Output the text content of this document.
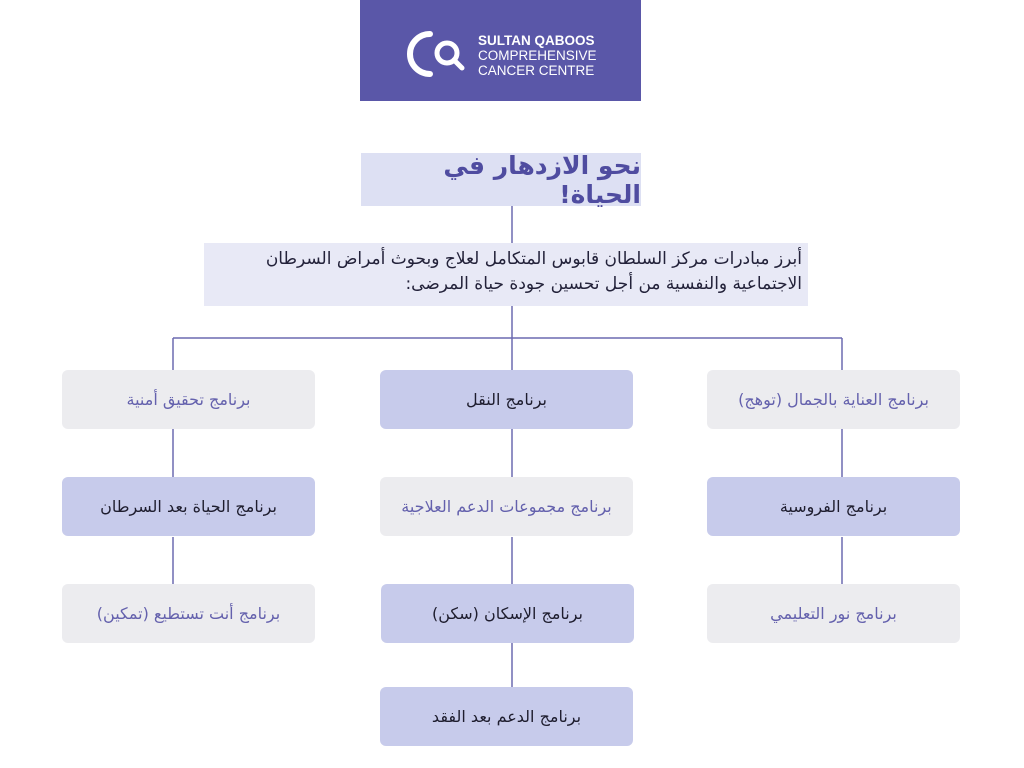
SULTAN QABOOS
COMPREHENSIVE
CANCER CENTRE
نحو الازدهار في الحياة!
أبرز مبادرات مركز السلطان قابوس المتكامل لعلاج وبحوث أمراض السرطان الاجتماعية والنفسية من أجل تحسين جودة حياة المرضى:
برنامج تحقيق أمنية
برنامج الحياة بعد السرطان
برنامج أنت تستطيع (تمكين)
برنامج النقل
برنامج مجموعات الدعم العلاجية
برنامج الإسكان (سكن)
برنامج الدعم بعد الفقد
برنامج العناية بالجمال (توهج)
برنامج الفروسية
برنامج نور التعليمي
